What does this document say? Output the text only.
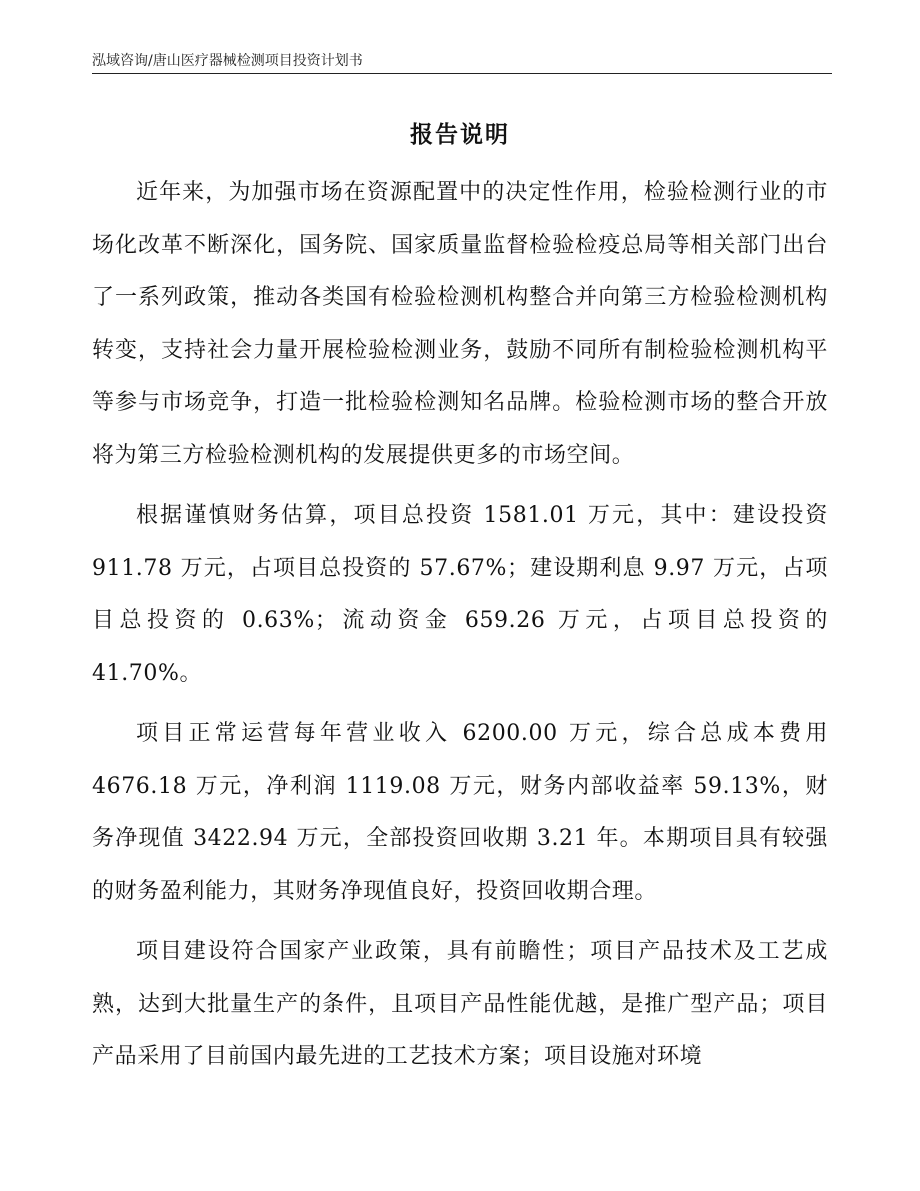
泓域咨询/唐山医疗器械检测项目投资计划书
报告说明

近年来，为加强市场在资源配置中的决定性作用，检验检测行业的市场化改革不断深化，国务院、国家质量监督检验检疫总局等相关部门出台了一系列政策，推动各类国有检验检测机构整合并向第三方检验检测机构转变，支持社会力量开展检验检测业务，鼓励不同所有制检验检测机构平等参与市场竞争，打造一批检验检测知名品牌。检验检测市场的整合开放将为第三方检验检测机构的发展提供更多的市场空间。

根据谨慎财务估算，项目总投资 1581.01 万元，其中：建设投资 911.78 万元，占项目总投资的 57.67%；建设期利息 9.97 万元，占项目总投资的 0.63%；流动资金 659.26 万元，占项目总投资的 41.70%。

项目正常运营每年营业收入 6200.00 万元，综合总成本费用 4676.18 万元，净利润 1119.08 万元，财务内部收益率 59.13%，财务净现值 3422.94 万元，全部投资回收期 3.21 年。本期项目具有较强的财务盈利能力，其财务净现值良好，投资回收期合理。

项目建设符合国家产业政策，具有前瞻性；项目产品技术及工艺成熟，达到大批量生产的条件，且项目产品性能优越，是推广型产品；项目产品采用了目前国内最先进的工艺技术方案；项目设施对环境
